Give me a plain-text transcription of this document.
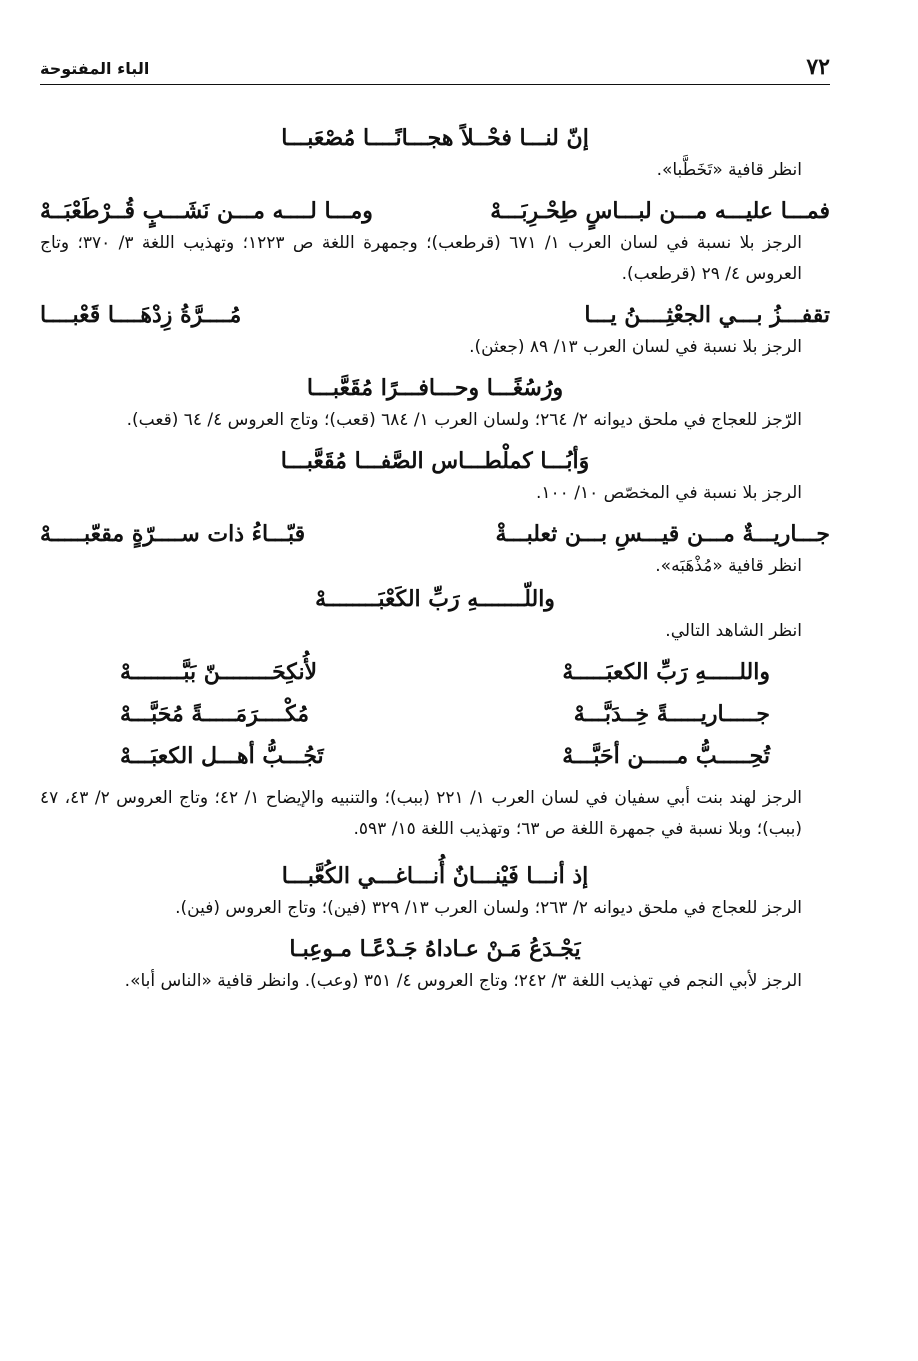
٧٢
الباء المفتوحة

إنّ لنـــا فحْــلاً هجـــانًــــا مُصْعَبـــا

انظر قافية «تَخَطَّبا».

فمـــا عليـــه مـــن لبـــاسٍ طِحْـرِبَـــهْ
ومـــا لــــه مـــن نَشَـــبٍ قُــرْطَعْبَــهْ

الرجز بلا نسبة في لسان العرب ١/ ٦٧١ (قرطعب)؛ وجمهرة اللغة ص ١٢٢٣؛ وتهذيب اللغة ٣/ ٣٧٠؛ وتاج العروس ٤/ ٢٩ (قرطعب).

تقفـــزُ بـــي الجعْثِــــنُ يـــا
مُــــرَّةُ زِدْهَــــا قَعْبــــا

الرجز بلا نسبة في لسان العرب ١٣/ ٨٩ (جعثن).

ورُسُغًـــا وحـــافـــرًا مُقَعَّبـــا

الرّجز للعجاج في ملحق ديوانه ٢/ ٢٦٤؛ ولسان العرب ١/ ٦٨٤ (قعب)؛ وتاج العروس ٤/ ٦٤ (قعب).

وَأبُـــا كملْطـــاس الصَّفـــا مُقَعَّبـــا

الرجز بلا نسبة في المخصّص ١٠/ ١٠٠.

جـــاريـــةٌ مـــن قيـــسِ بـــن ثعلبـــةْ
قبّـــاءُ ذات ســــرّةٍ مقعّبـــــهْ

انظر قافية «مُذْهَبَه».

واللّـــــــهِ رَبِّ الكَعْبَــــــــهْ

انظر الشاهد التالي.

واللـــــهِ رَبِّ الكعبَـــــهْ
لأُنكِحَــــــــنّ بَبَّــــــــهْ
جـــــاريـــــةً خِــدَبَّـــهْ
مُكْــــرَمَـــــةً مُحَبَّـــهْ
تُحِـــــبُّ مـــــن أحَبَّـــهْ
تَجُـــبُّ أهـــل الكعبَـــهْ

الرجز لهند بنت أبي سفيان في لسان العرب ١/ ٢٢١ (ببب)؛ والتنبيه والإيضاح ١/ ٤٢؛ وتاج العروس ٢/ ٤٣، ٤٧ (ببب)؛ وبلا نسبة في جمهرة اللغة ص ٦٣؛ وتهذيب اللغة ١٥/ ٥٩٣.

إذ أنـــا فَيْنـــانٌ أُنـــاغـــي الكُعَّبـــا

الرجز للعجاج في ملحق ديوانه ٢/ ٢٦٣؛ ولسان العرب ١٣/ ٣٢٩ (فين)؛ وتاج العروس (فين).

يَجْـدَعُ مَـنْ عـاداهُ جَـدْعًـا مـوعِبـا

الرجز لأبي النجم في تهذيب اللغة ٣/ ٢٤٢؛ وتاج العروس ٤/ ٣٥١ (وعب). وانظر قافية «الناس أبا».
